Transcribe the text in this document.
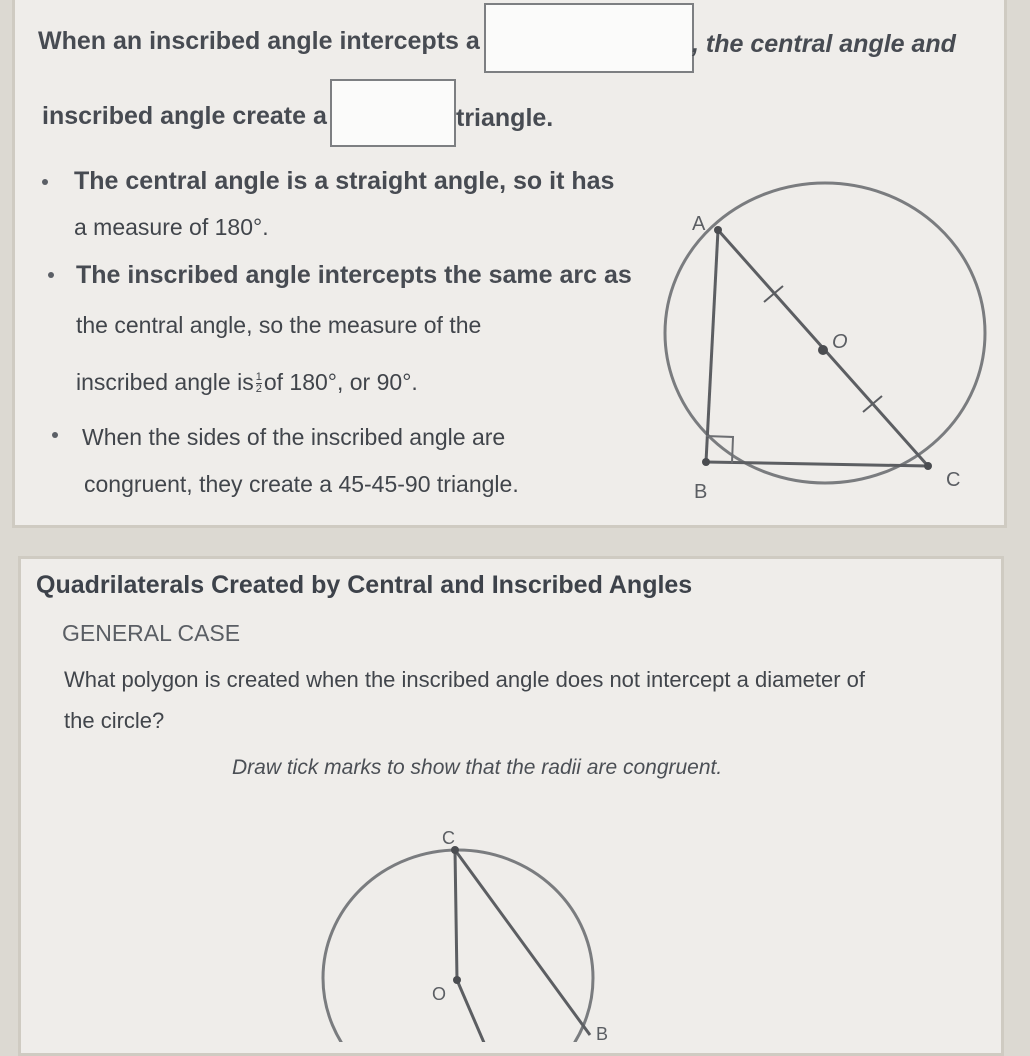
When an inscribed angle intercepts a	, the central angle and
inscribed angle create a	triangle.
The central angle is a straight angle, so it has
a measure of 180°.
The inscribed angle intercepts the same arc as
the central angle, so the measure of the
inscribed angle is $\frac{1}{2}$ of 180°, or 90°.
When the sides of the inscribed angle are
congruent, they create a 45-45-90 triangle.
A
O
B
C
Quadrilaterals Created by Central and Inscribed Angles
GENERAL CASE
What polygon is created when the inscribed angle does not intercept a diameter of
the circle?
Draw tick marks to show that the radii are congruent.
C
O
B
